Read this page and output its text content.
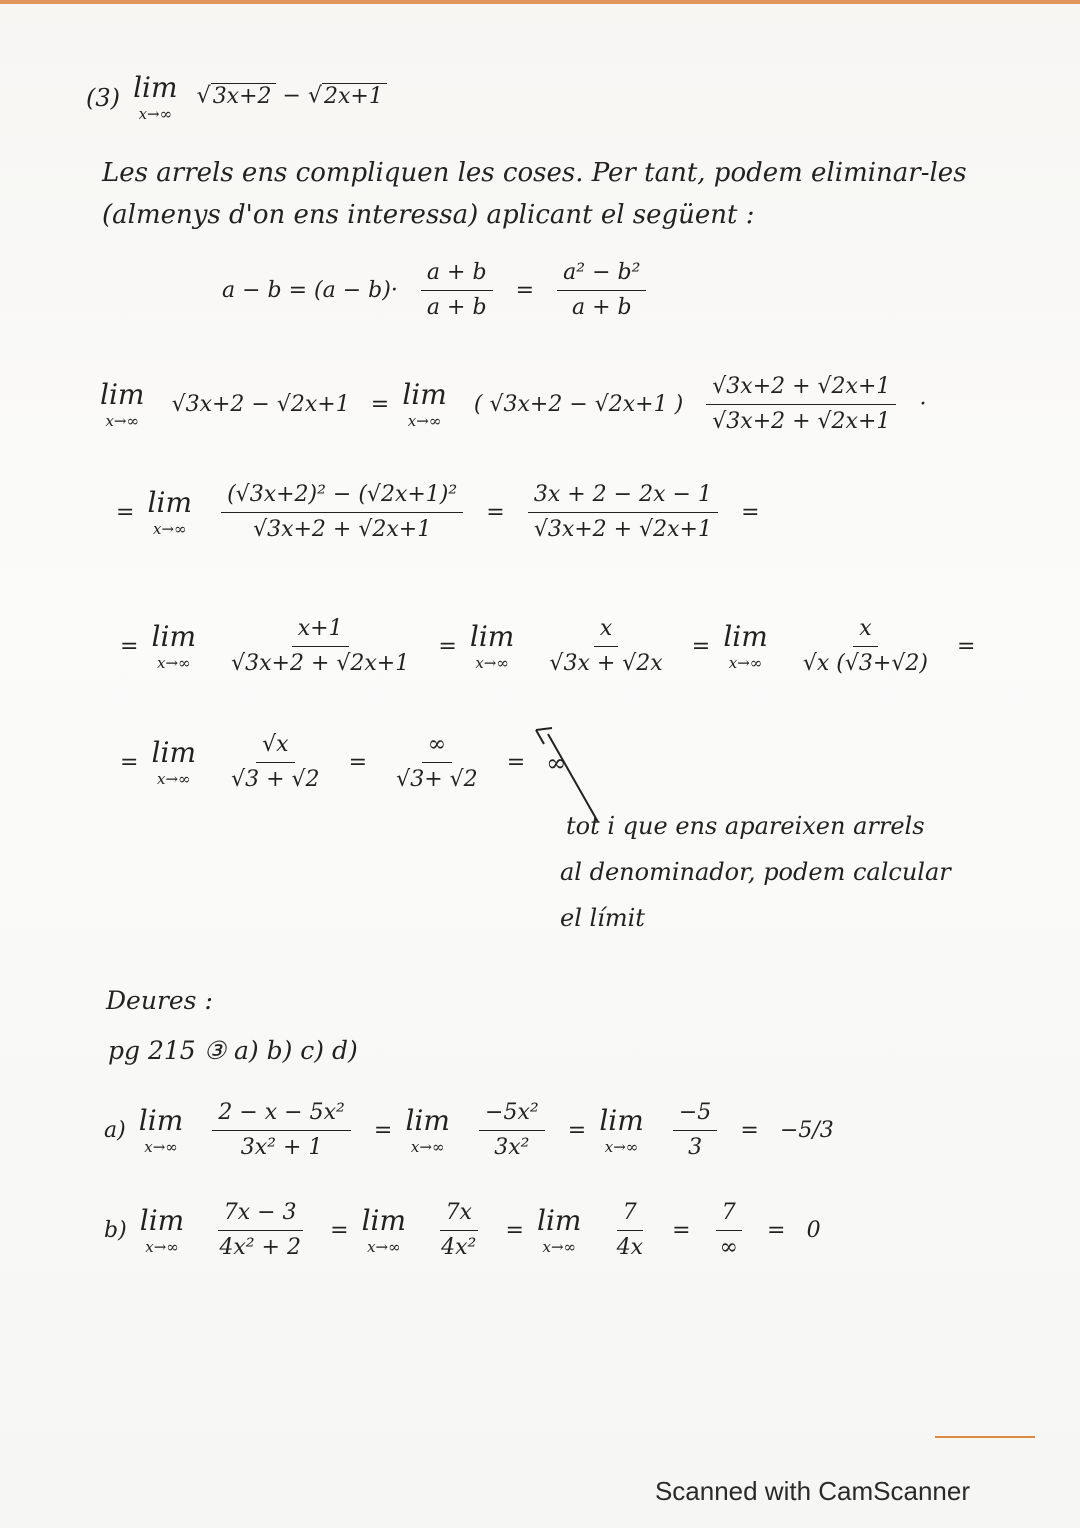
(3) lim
x→∞
√3x+2 − √2x+1
Les arrels ens compliquen les coses. Per tant, podem eliminar-les
(almenys d'on ens interessa) aplicant el següent :
$a - b = (a - b)\cdot \frac{a + b}{a + b} = \frac{\text{a² − b²}}{a + b}$
lim
x→∞
√3x+2 − √2x+1 = lim
x→∞
( √3x+2 − √2x+1 ) $\frac{√3x+2 + √2x+1}{√3x+2 + √2x+1}$ ·
= lim
x→∞
$\frac{\text{(√3x+2)² − (√2x+1)²}}{√3x+2 + √2x+1} = \frac{3x + 2 - 2x - 1}{√3x+2 + √2x+1}$ =
= lim
x→∞
$\frac{x+1}{√3x+2 + √2x+1} = \lim$
x→∞
$\frac{x}{√3x + √2x} = \lim$
x→∞
$\frac{x}{√x (√3+√2)}$ =
= lim
x→∞
$\frac{√x}{√3 + √2} = \frac{\infty}{√3+ √2}$ = ∞
tot i que ens apareixen arrels
al denominador, podem calcular
el límit
Deures :
pg 215 ③ a) b) c) d)
a) lim
x→∞
$\frac{\text{2 − x − 5x²}}{\text{3x² + 1}} = \lim$
x→∞
$\frac{\text{−5x²}}{\text{3x²}} = \lim$
x→∞
$\frac{-5}{3} = -5/3$
b) lim
x→∞
$\frac{7x - 3}{\text{4x² + 2}} = \lim$
x→∞
$\frac{7x}{\text{4x²}} = \lim$
x→∞
$\frac{7}{4x} = \frac{7}{\infty} = 0$
Scanned with CamScanner
